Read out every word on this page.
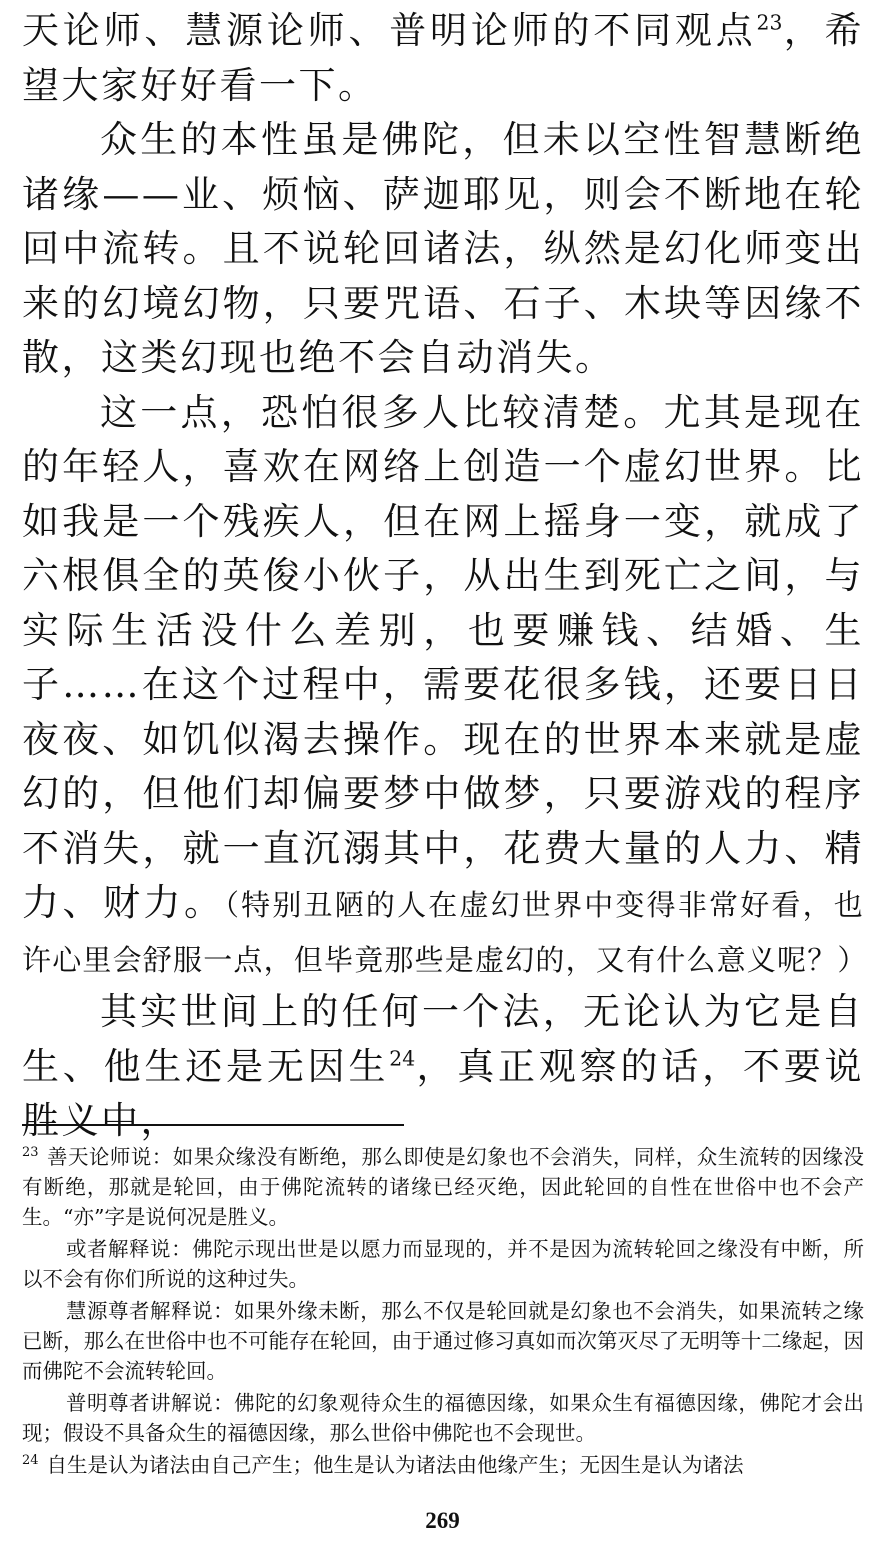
天论师、慧源论师、普明论师的不同观点$^{23}$，希望大家好好看一下。

众生的本性虽是佛陀，但未以空性智慧断绝诸缘——业、烦恼、萨迦耶见，则会不断地在轮回中流转。且不说轮回诸法，纵然是幻化师变出来的幻境幻物，只要咒语、石子、木块等因缘不散，这类幻现也绝不会自动消失。

这一点，恐怕很多人比较清楚。尤其是现在的年轻人，喜欢在网络上创造一个虚幻世界。比如我是一个残疾人，但在网上摇身一变，就成了六根俱全的英俊小伙子，从出生到死亡之间，与实际生活没什么差别，也要赚钱、结婚、生子……在这个过程中，需要花很多钱，还要日日夜夜、如饥似渴去操作。现在的世界本来就是虚幻的，但他们却偏要梦中做梦，只要游戏的程序不消失，就一直沉溺其中，花费大量的人力、精力、财力。（特别丑陋的人在虚幻世界中变得非常好看，也许心里会舒服一点，但毕竟那些是虚幻的，又有什么意义呢？）

其实世间上的任何一个法，无论认为它是自生、他生还是无因生$^{24}$，真正观察的话，不要说胜义中，

$^{23}$ 善天论师说：如果众缘没有断绝，那么即使是幻象也不会消失，同样，众生流转的因缘没有断绝，那就是轮回，由于佛陀流转的诸缘已经灭绝，因此轮回的自性在世俗中也不会产生。“亦”字是说何况是胜义。

或者解释说：佛陀示现出世是以愿力而显现的，并不是因为流转轮回之缘没有中断，所以不会有你们所说的这种过失。

慧源尊者解释说：如果外缘未断，那么不仅是轮回就是幻象也不会消失，如果流转之缘已断，那么在世俗中也不可能存在轮回，由于通过修习真如而次第灭尽了无明等十二缘起，因而佛陀不会流转轮回。

普明尊者讲解说：佛陀的幻象观待众生的福德因缘，如果众生有福德因缘，佛陀才会出现；假设不具备众生的福德因缘，那么世俗中佛陀也不会现世。

$^{24}$ 自生是认为诸法由自己产生；他生是认为诸法由他缘产生；无因生是认为诸法

269
